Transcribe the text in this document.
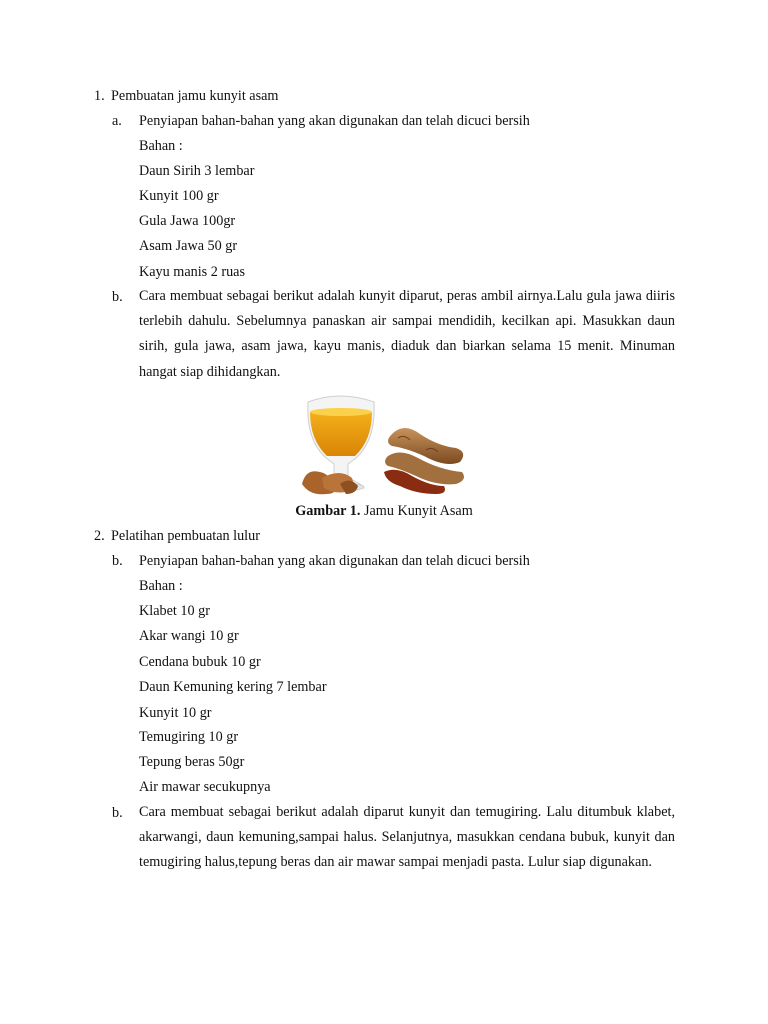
1. Pembuatan jamu kunyit asam
a. Penyiapan bahan-bahan yang akan digunakan dan telah dicuci bersih
Bahan :
Daun Sirih 3 lembar
Kunyit 100 gr
Gula Jawa 100gr
Asam Jawa 50 gr
Kayu manis 2 ruas
b. Cara membuat sebagai berikut adalah kunyit diparut, peras ambil airnya.Lalu gula jawa diiris terlebih dahulu. Sebelumnya panaskan air sampai mendidih, kecilkan api. Masukkan daun sirih, gula jawa, asam jawa, kayu manis, diaduk dan biarkan selama 15 menit. Minuman hangat siap dihidangkan.
Gambar 1. Jamu Kunyit Asam
2. Pelatihan pembuatan lulur
b. Penyiapan bahan-bahan yang akan digunakan dan telah dicuci bersih
Bahan :
Klabet 10 gr
Akar wangi 10 gr
Cendana bubuk 10 gr
Daun Kemuning kering 7 lembar
Kunyit 10 gr
Temugiring 10 gr
Tepung beras 50gr
Air mawar secukupnya
b. Cara membuat sebagai berikut adalah diparut kunyit dan temugiring. Lalu ditumbuk klabet, akarwangi, daun kemuning,sampai halus. Selanjutnya, masukkan cendana bubuk, kunyit dan temugiring halus,tepung beras dan air mawar sampai menjadi pasta. Lulur siap digunakan.
